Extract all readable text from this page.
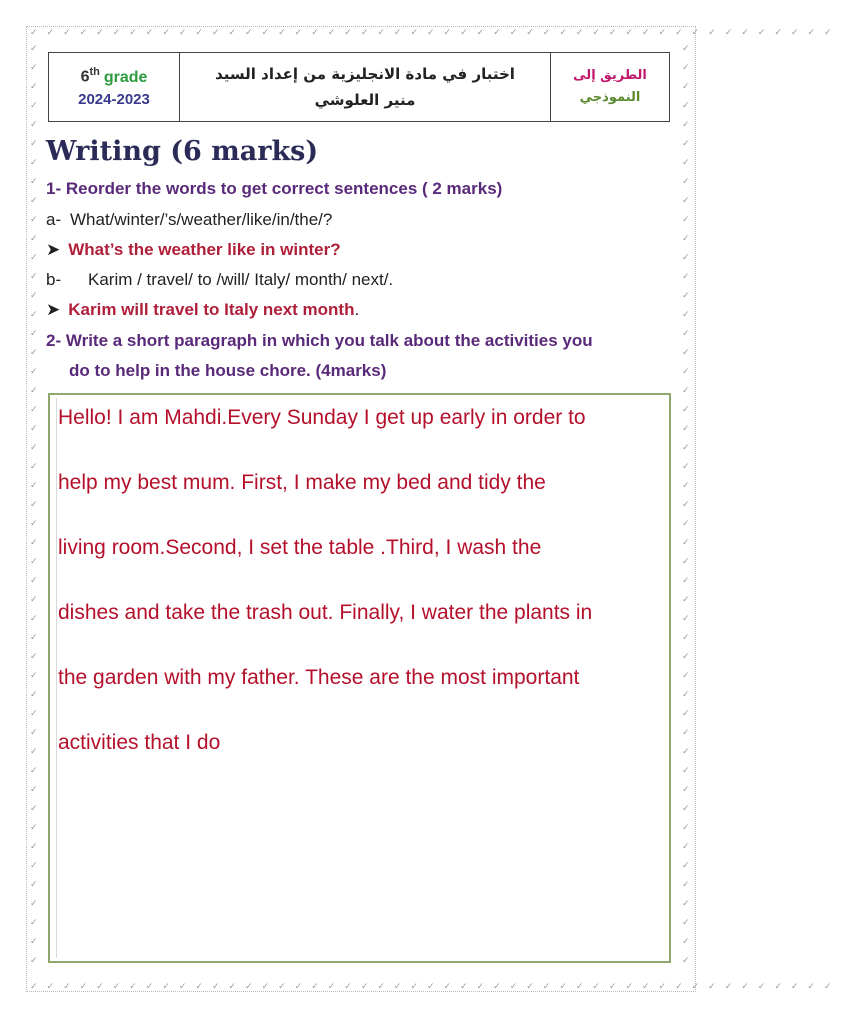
✓✓✓✓✓✓✓✓✓✓✓✓✓✓✓✓✓✓✓✓✓✓✓✓✓✓✓✓✓✓✓✓✓✓✓✓✓✓✓✓✓✓✓✓✓✓✓✓✓
✓✓✓✓✓✓✓✓✓✓✓✓✓✓✓✓✓✓✓✓✓✓✓✓✓✓✓✓✓✓✓✓✓✓✓✓✓✓✓✓✓✓✓✓✓✓✓✓✓
✓✓✓✓✓✓✓✓✓✓✓✓✓✓✓✓✓✓✓✓✓✓✓✓✓✓✓✓✓✓✓✓✓✓✓✓✓✓✓✓✓✓✓✓✓✓✓✓✓
✓✓✓✓✓✓✓✓✓✓✓✓✓✓✓✓✓✓✓✓✓✓✓✓✓✓✓✓✓✓✓✓✓✓✓✓✓✓✓✓✓✓✓✓✓✓✓✓✓
6th grade
2024-2023
اختبار في مادة الانجليزية من إعداد السيد
منير العلوشي
الطريق إلى
النموذجي
Writing (6 marks)
1- Reorder the words to get correct sentences ( 2 marks)
a- What/winter/’s/weather/like/in/the/?
➤ What’s the weather like in winter?
b- Karim / travel/ to /will/ Italy/ month/ next/.
➤ Karim will travel to Italy next month.
2- Write a short paragraph in which you talk about the activities you
do to help in the house chore. (4marks)
Hello! I am Mahdi.Every Sunday I get up early in order to
help my best mum. First, I make my bed and tidy the
living room.Second, I set the table .Third, I wash the
dishes and take the trash out. Finally, I water the plants in
the garden with my father. These are the most important
activities that I do
